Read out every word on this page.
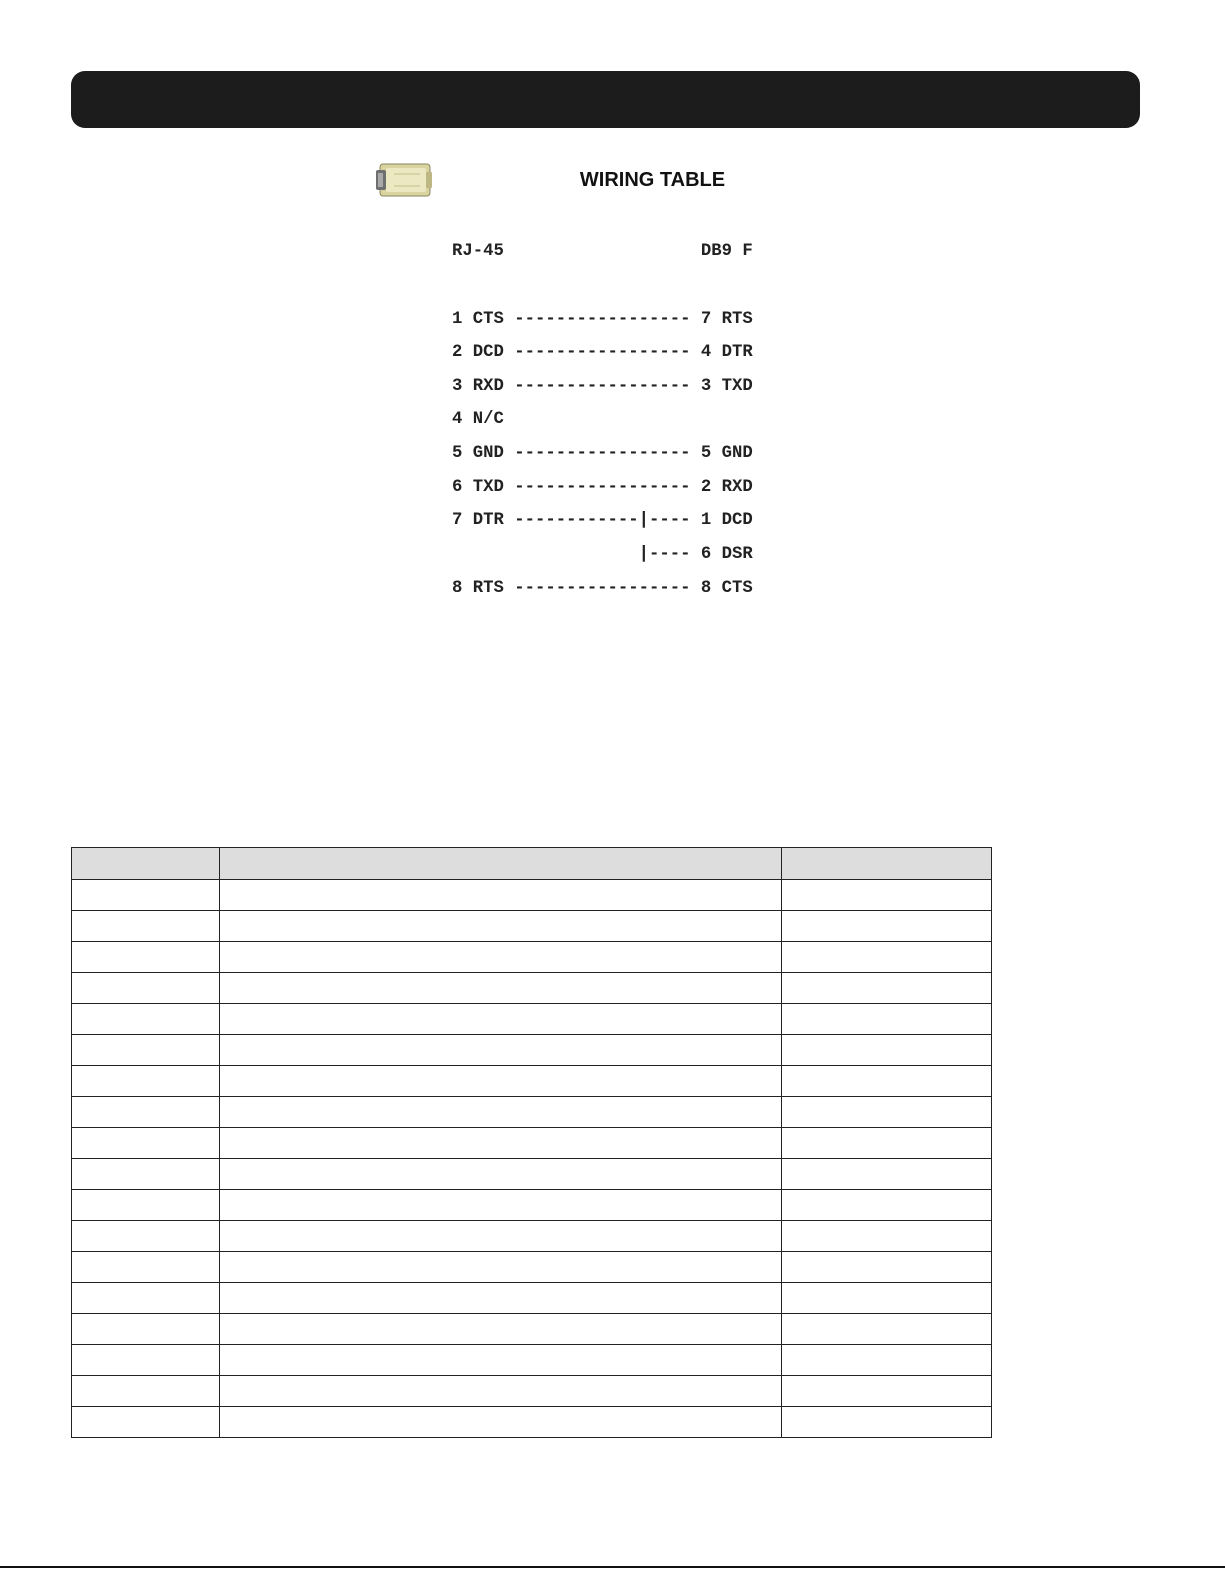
WIRING TABLE
RJ-45                   DB9 F
1 CTS ----------------- 7 RTS
2 DCD ----------------- 4 DTR
3 RXD ----------------- 3 TXD
4 N/C
5 GND ----------------- 5 GND
6 TXD ----------------- 2 RXD
7 DTR ------------|---- 1 DCD
|---- 6 DSR
8 RTS ----------------- 8 CTS
